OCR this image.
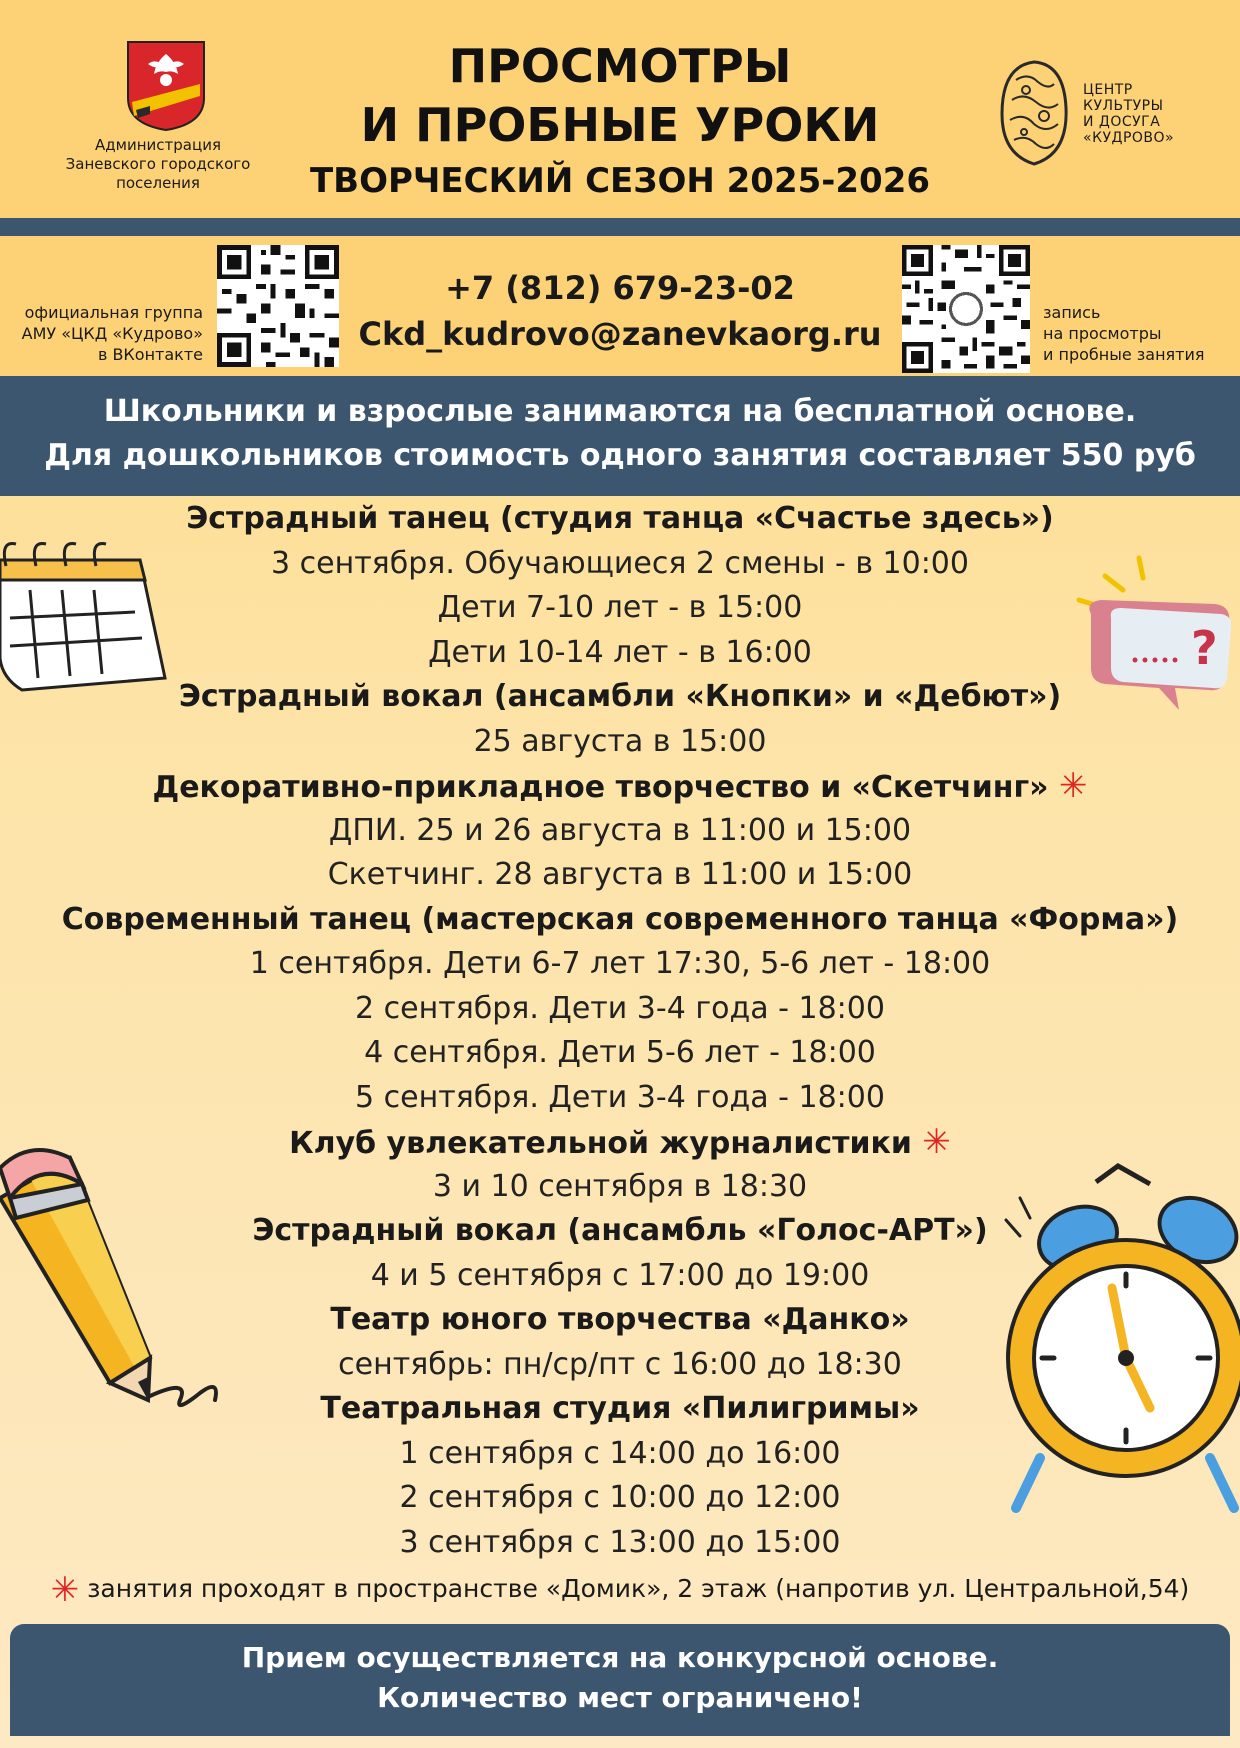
Администрация
Заневского городского
поселения
ПРОСМОТРЫ
И ПРОБНЫЕ УРОКИ
ТВОРЧЕСКИЙ СЕЗОН 2025-2026
ЦЕНТР
КУЛЬТУРЫ
И ДОСУГА
«КУДРОВО»
официальная группа
АМУ «ЦКД «Кудрово»
в ВКонтакте
+7 (812) 679-23-02
Ckd_kudrovo@zanevkaorg.ru
запись
на просмотры
и пробные занятия
Школьники и взрослые занимаются на бесплатной основе.
Для дошкольников стоимость одного занятия составляет 550 руб
?
Эстрадный танец (студия танца «Счастье здесь»)
3 сентября. Обучающиеся 2 смены - в 10:00
Дети 7-10 лет - в 15:00
Дети 10-14 лет - в 16:00
Эстрадный вокал (ансамбли «Кнопки» и «Дебют»)
25 августа в 15:00
Декоративно-прикладное творчество и «Скетчинг» ✳
ДПИ. 25 и 26 августа в 11:00 и 15:00
Скетчинг. 28 августа в 11:00 и 15:00
Современный танец (мастерская современного танца «Форма»)
1 сентября. Дети 6-7 лет 17:30, 5-6 лет - 18:00
2 сентября. Дети 3-4 года - 18:00
4 сентября. Дети 5-6 лет - 18:00
5 сентября. Дети 3-4 года - 18:00
Клуб увлекательной журналистики ✳
3 и 10 сентября в 18:30
Эстрадный вокал (ансамбль «Голос-АРТ»)
4 и 5 сентября с 17:00 до 19:00
Театр юного творчества «Данко»
сентябрь: пн/ср/пт с 16:00 до 18:30
Театральная студия «Пилигримы»
1 сентября с 14:00 до 16:00
2 сентября с 10:00 до 12:00
3 сентября с 13:00 до 15:00
✳ занятия проходят в пространстве «Домик», 2 этаж (напротив ул. Центральной,54)
Прием осуществляется на конкурсной основе.
Количество мест ограничено!
